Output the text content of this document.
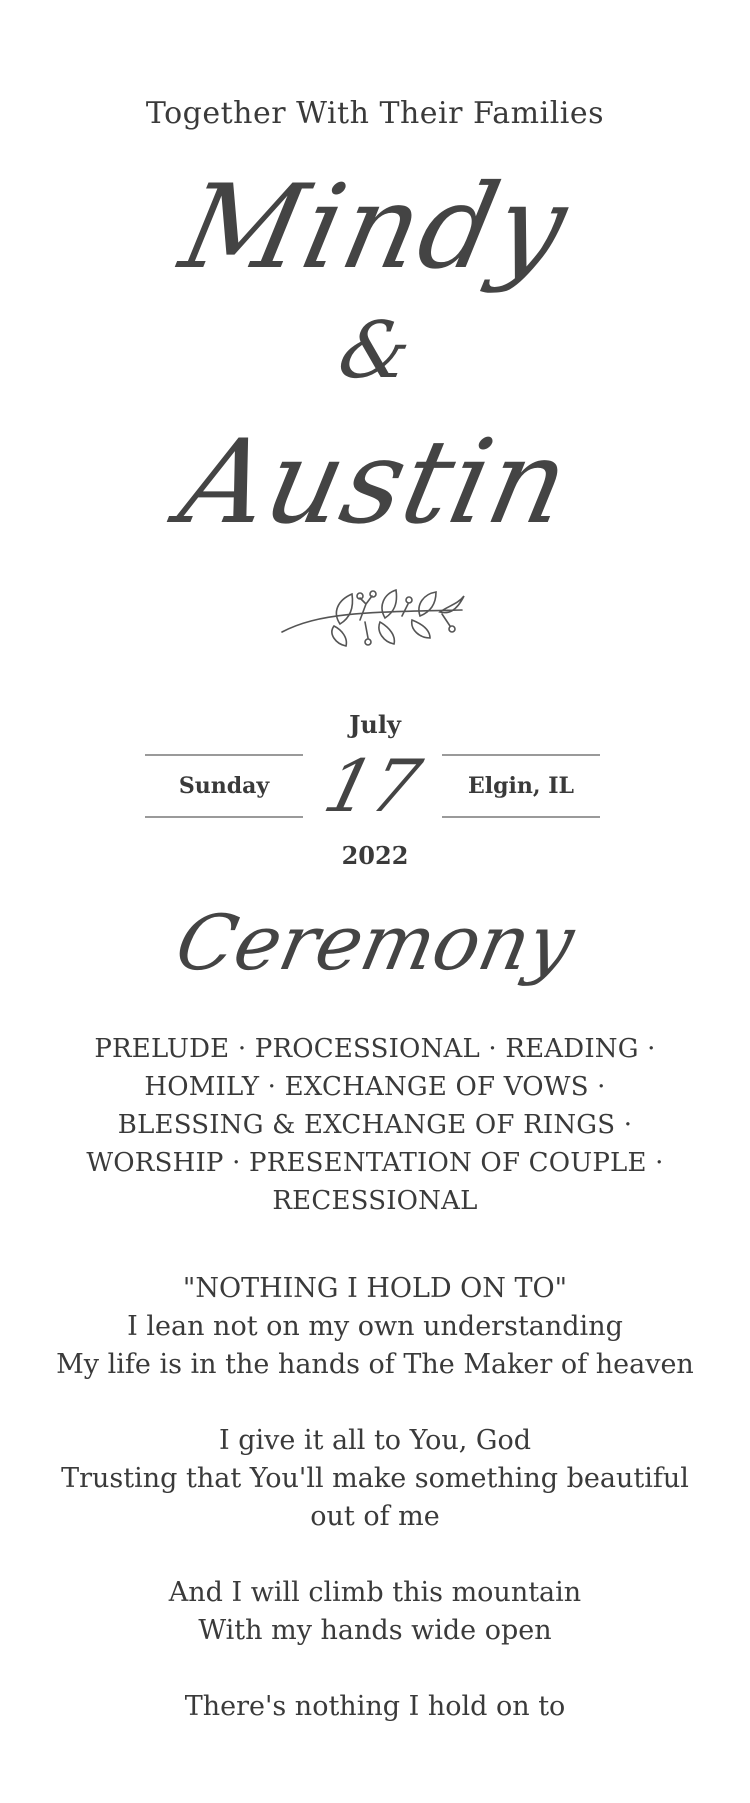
Together With Their Families
Mindy
&
Austin
July
Sunday 17	Elgin, IL
2022
Ceremony
PRELUDE · PROCESSIONAL · READING · HOMILY · EXCHANGE OF VOWS · BLESSING & EXCHANGE OF RINGS · WORSHIP · PRESENTATION OF COUPLE · RECESSIONAL
"NOTHING I HOLD ON TO"
I lean not on my own understanding
My life is in the hands of The Maker of heaven
I give it all to You, God
Trusting that You'll make something beautiful out of me
And I will climb this mountain
With my hands wide open
There's nothing I hold on to
